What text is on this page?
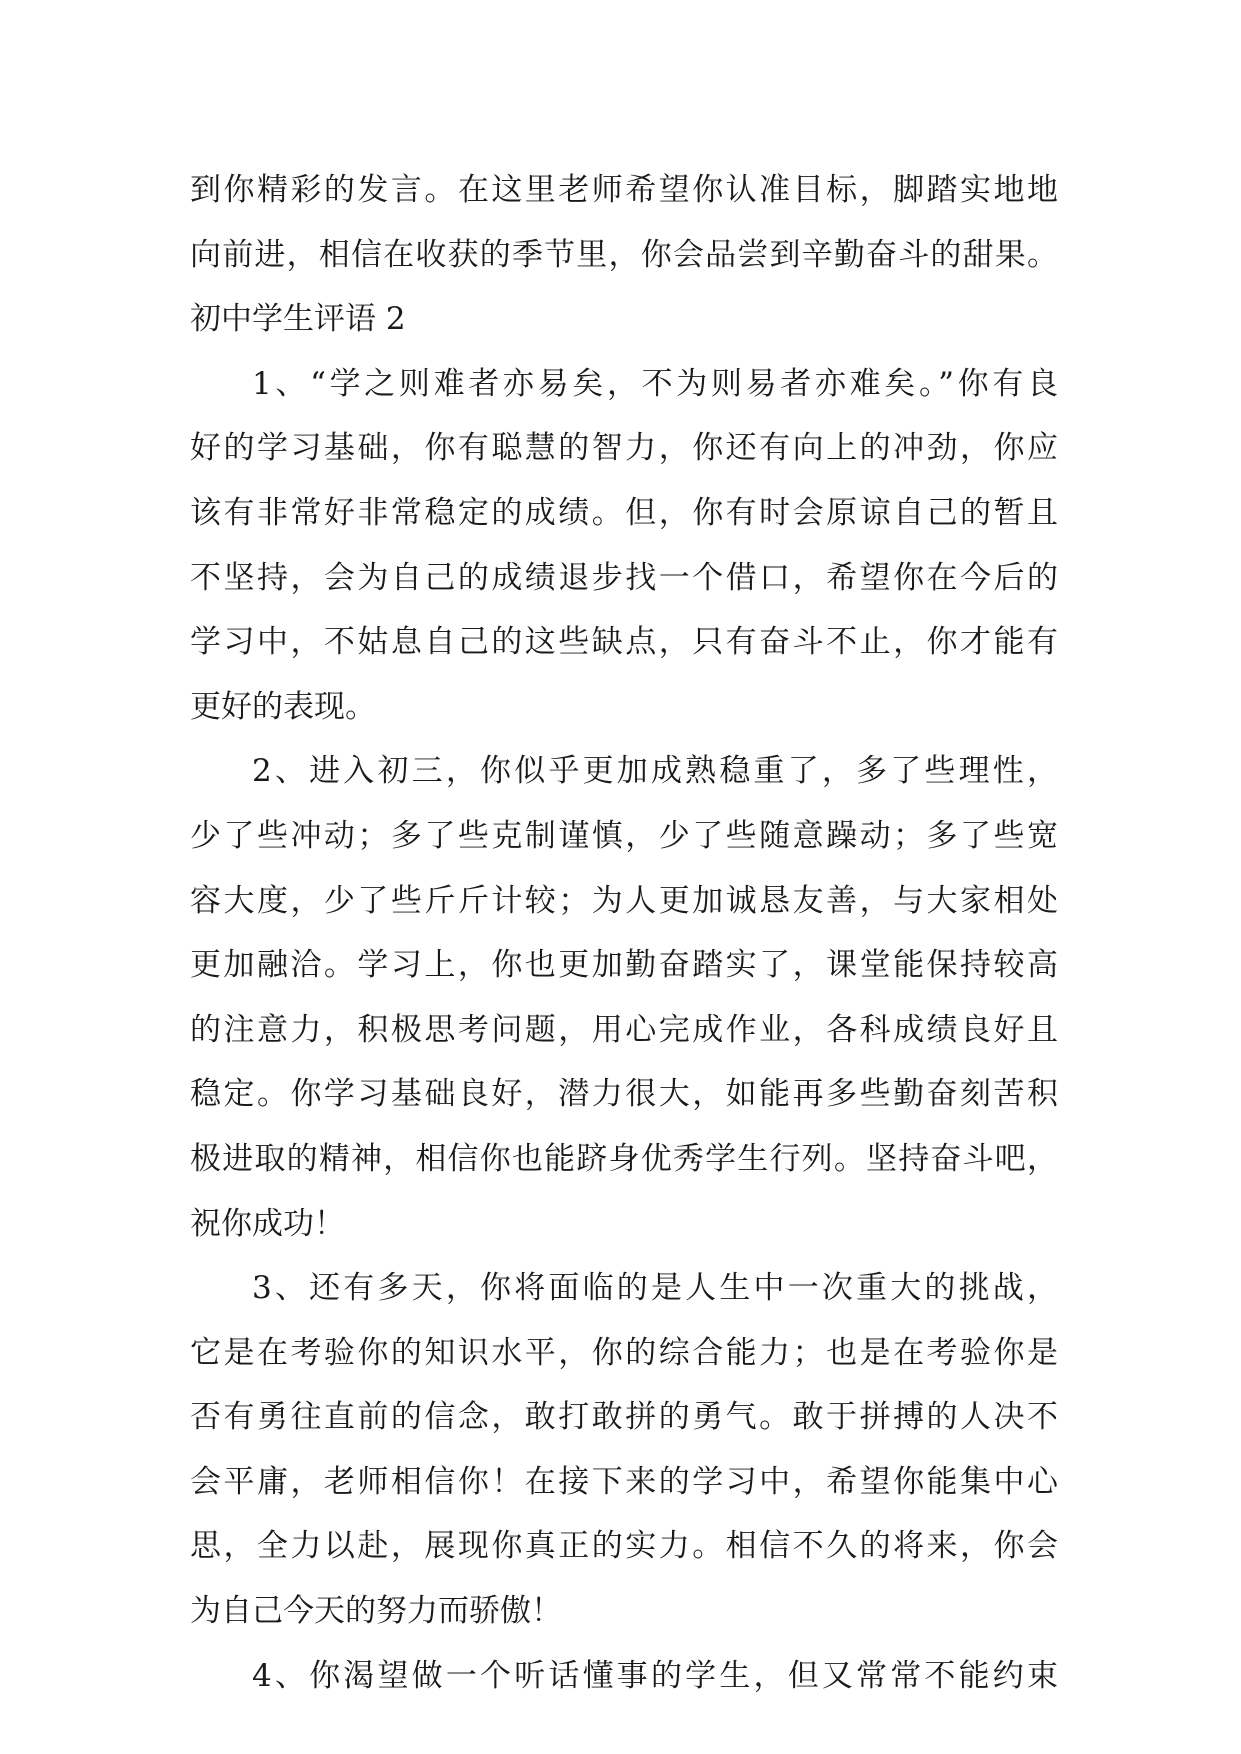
到你精彩的发言。在这里老师希望你认准目标，脚踏实地地
向前进，相信在收获的季节里，你会品尝到辛勤奋斗的甜果。
初中学生评语 2
1、“学之则难者亦易矣，不为则易者亦难矣。”你有良
好的学习基础，你有聪慧的智力，你还有向上的冲劲，你应
该有非常好非常稳定的成绩。但，你有时会原谅自己的暂且
不坚持，会为自己的成绩退步找一个借口，希望你在今后的
学习中，不姑息自己的这些缺点，只有奋斗不止，你才能有
更好的表现。
2、进入初三，你似乎更加成熟稳重了，多了些理性，
少了些冲动；多了些克制谨慎，少了些随意躁动；多了些宽
容大度，少了些斤斤计较；为人更加诚恳友善，与大家相处
更加融洽。学习上，你也更加勤奋踏实了，课堂能保持较高
的注意力，积极思考问题，用心完成作业，各科成绩良好且
稳定。你学习基础良好，潜力很大，如能再多些勤奋刻苦积
极进取的精神，相信你也能跻身优秀学生行列。坚持奋斗吧，
祝你成功！
3、还有多天，你将面临的是人生中一次重大的挑战，
它是在考验你的知识水平，你的综合能力；也是在考验你是
否有勇往直前的信念，敢打敢拼的勇气。敢于拼搏的人决不
会平庸，老师相信你！在接下来的学习中，希望你能集中心
思，全力以赴，展现你真正的实力。相信不久的将来，你会
为自己今天的努力而骄傲！
4、你渴望做一个听话懂事的学生，但又常常不能约束
